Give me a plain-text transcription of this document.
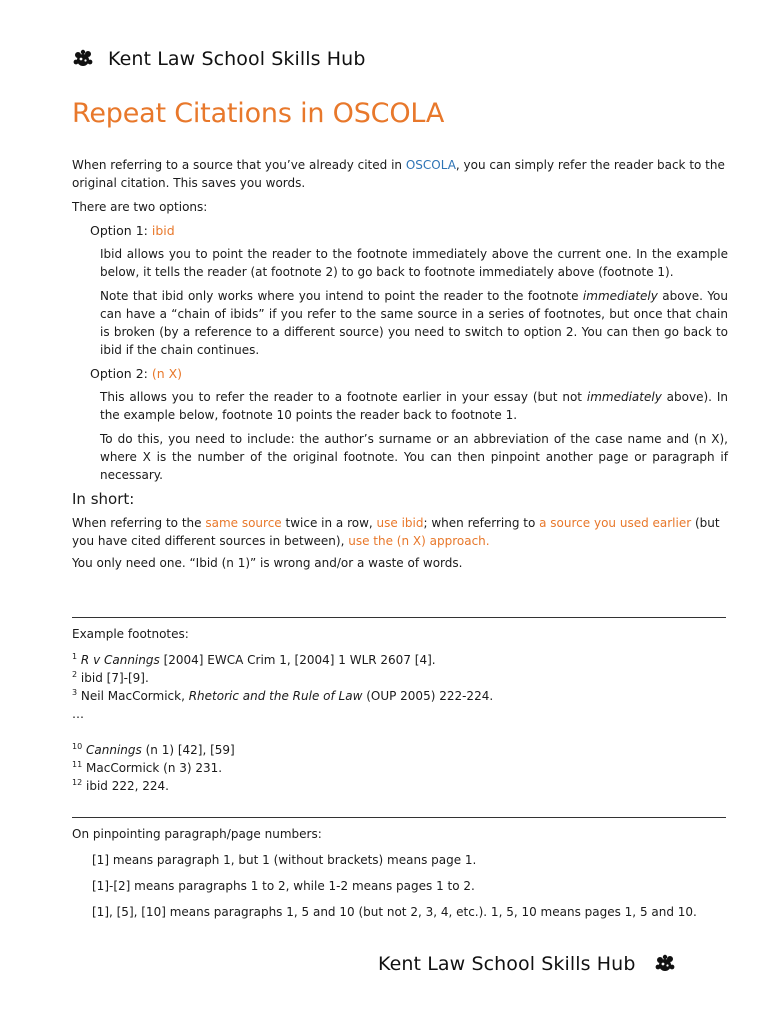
Kent Law School Skills Hub
Repeat Citations in OSCOLA

When referring to a source that you’ve already cited in OSCOLA, you can simply refer the reader back to the original citation. This saves you words.

There are two options:

Option 1: ibid

Ibid allows you to point the reader to the footnote immediately above the current one. In the example below, it tells the reader (at footnote 2) to go back to footnote immediately above (footnote 1).

Note that ibid only works where you intend to point the reader to the footnote immediately above. You can have a “chain of ibids” if you refer to the same source in a series of footnotes, but once that chain is broken (by a reference to a different source) you need to switch to option 2. You can then go back to ibid if the chain continues.

Option 2: (n X)

This allows you to refer the reader to a footnote earlier in your essay (but not immediately above). In the example below, footnote 10 points the reader back to footnote 1.

To do this, you need to include: the author’s surname or an abbreviation of the case name and (n X), where X is the number of the original footnote. You can then pinpoint another page or paragraph if necessary.

In short:

When referring to the same source twice in a row, use ibid; when referring to a source you used earlier (but you have cited different sources in between), use the (n X) approach.

You only need one. “Ibid (n 1)” is wrong and/or a waste of words.

Example footnotes:

$^1$ R v Cannings [2004] EWCA Crim 1, [2004] 1 WLR 2607 [4].

$^2$ ibid [7]-[9].

$^3$ Neil MacCormick, Rhetoric and the Rule of Law (OUP 2005) 222-224.

…

$^{10}$ Cannings (n 1) [42], [59]

$^{11}$ MacCormick (n 3) 231.

$^{12}$ ibid 222, 224.

On pinpointing paragraph/page numbers:

[1] means paragraph 1, but 1 (without brackets) means page 1.

[1]-[2] means paragraphs 1 to 2, while 1-2 means pages 1 to 2.

[1], [5], [10] means paragraphs 1, 5 and 10 (but not 2, 3, 4, etc.). 1, 5, 10 means pages 1, 5 and 10.

Kent Law School Skills Hub
